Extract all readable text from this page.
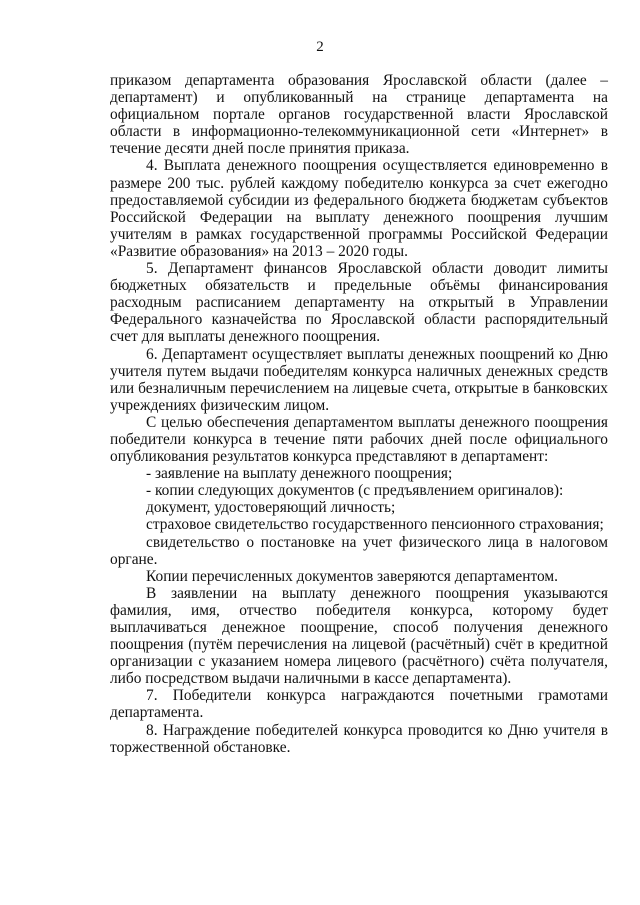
2

приказом департамента образования Ярославской области (далее – департамент) и опубликованный на странице департамента на официальном портале органов государственной власти Ярославской области в информационно-телекоммуникационной сети «Интернет» в течение десяти дней после принятия приказа.

4. Выплата денежного поощрения осуществляется единовременно в размере 200 тыс. рублей каждому победителю конкурса за счет ежегодно предоставляемой субсидии из федерального бюджета бюджетам субъектов Российской Федерации на выплату денежного поощрения лучшим учителям в рамках государственной программы Российской Федерации «Развитие образования» на 2013 – 2020 годы.

5. Департамент финансов Ярославской области доводит лимиты бюджетных обязательств и предельные объёмы финансирования расходным расписанием департаменту на открытый в Управлении Федерального казначейства по Ярославской области распорядительный счет для выплаты денежного поощрения.

6. Департамент осуществляет выплаты денежных поощрений ко Дню учителя путем выдачи победителям конкурса наличных денежных средств или безналичным перечислением на лицевые счета, открытые в банковских учреждениях физическим лицом.

С целью обеспечения департаментом выплаты денежного поощрения победители конкурса в течение пяти рабочих дней после официального опубликования результатов конкурса представляют в департамент:

- заявление на выплату денежного поощрения;

- копии следующих документов (с предъявлением оригиналов):

документ, удостоверяющий личность;

страховое свидетельство государственного пенсионного страхования;

свидетельство о постановке на учет физического лица в налоговом органе.

Копии перечисленных документов заверяются департаментом.

В заявлении на выплату денежного поощрения указываются фамилия, имя, отчество победителя конкурса, которому будет выплачиваться денежное поощрение, способ получения денежного поощрения (путём перечисления на лицевой (расчётный) счёт в кредитной организации с указанием номера лицевого (расчётного) счёта получателя, либо посредством выдачи наличными в кассе департамента).

7. Победители конкурса награждаются почетными грамотами департамента.

8. Награждение победителей конкурса проводится ко Дню учителя в торжественной обстановке.
